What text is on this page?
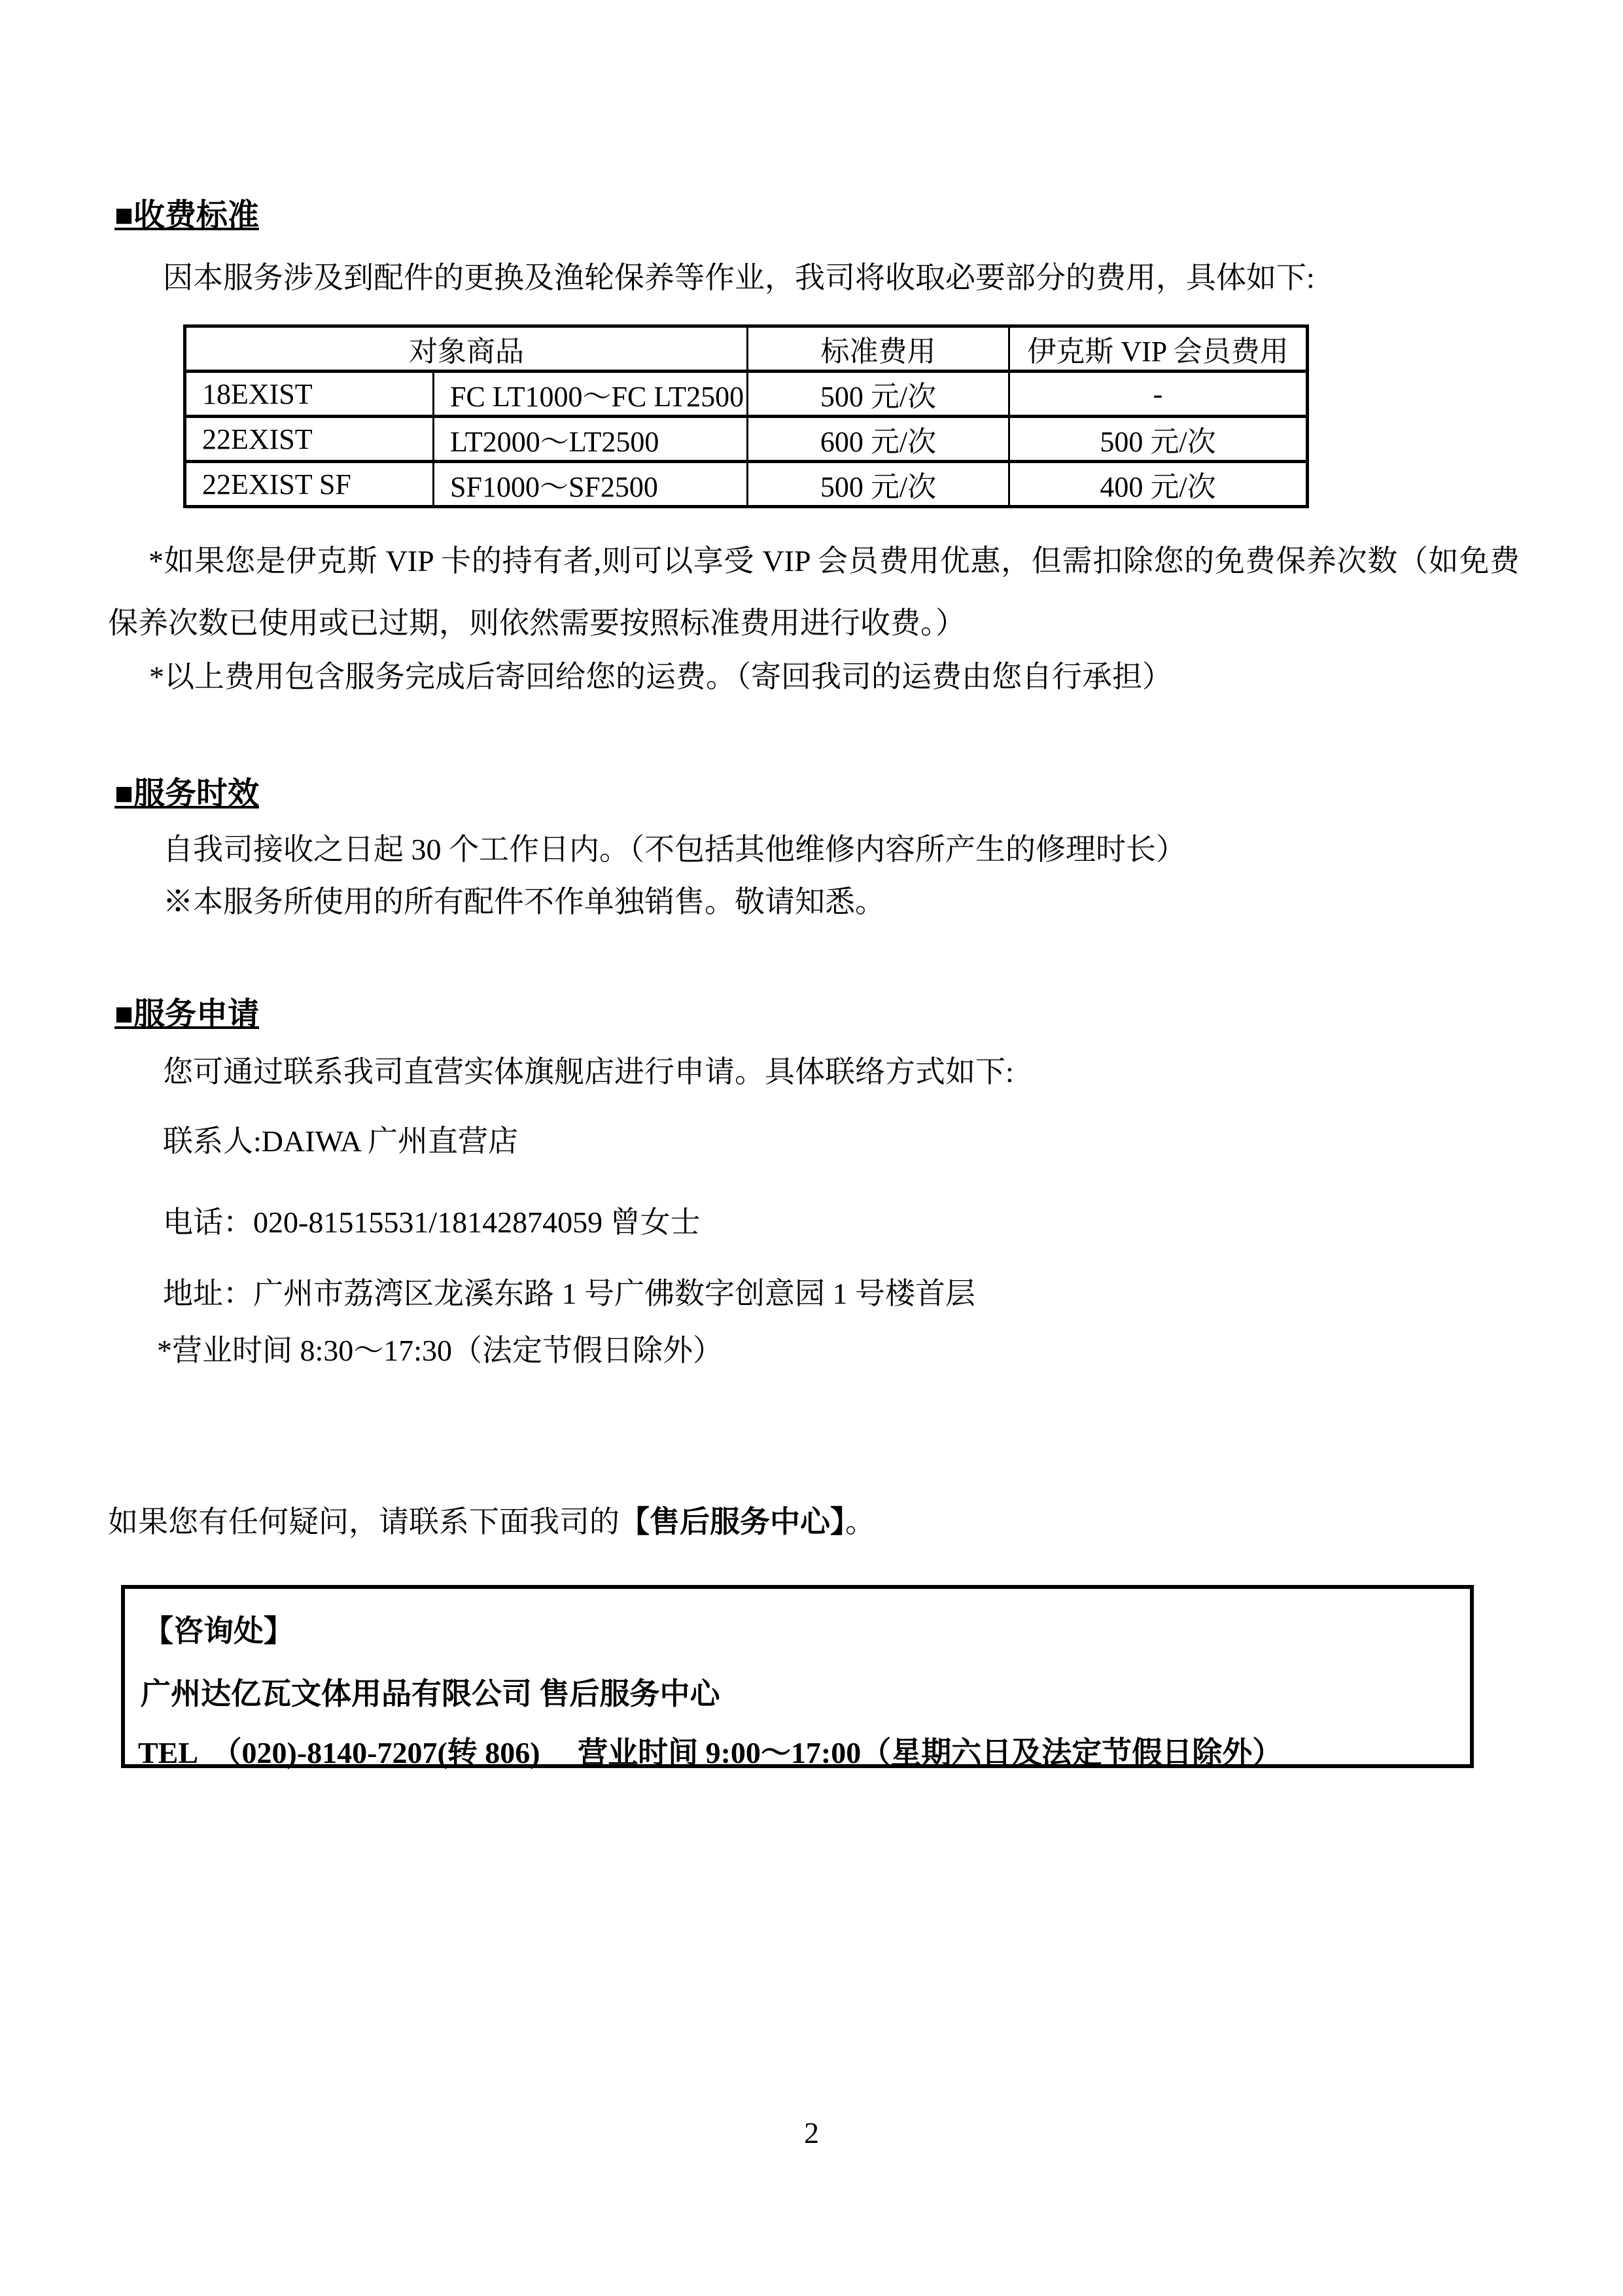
■收费标准
因本服务涉及到配件的更换及渔轮保养等作业，我司将收取必要部分的费用，具体如下:
对象商品		标准费用	伊克斯 VIP 会员费用
18EXIST	FC LT1000～FC LT2500	500 元/次	-
22EXIST	LT2000～LT2500	600 元/次	500 元/次
22EXIST SF	SF1000～SF2500	500 元/次	400 元/次
*如果您是伊克斯 VIP 卡的持有者,则可以享受 VIP 会员费用优惠，但需扣除您的免费保养次数（如免费保养次数已使用或已过期，则依然需要按照标准费用进行收费。）
*以上费用包含服务完成后寄回给您的运费。（寄回我司的运费由您自行承担）
■服务时效
自我司接收之日起 30 个工作日内。（不包括其他维修内容所产生的修理时长）
※本服务所使用的所有配件不作单独销售。敬请知悉。
■服务申请
您可通过联系我司直营实体旗舰店进行申请。具体联络方式如下:
联系人:DAIWA 广州直营店
电话：020-81515531/18142874059 曾女士
地址：广州市荔湾区龙溪东路 1 号广佛数字创意园 1 号楼首层
*营业时间 8:30～17:30（法定节假日除外）
如果您有任何疑问，请联系下面我司的【售后服务中心】。
【咨询处】
广州达亿瓦文体用品有限公司 售后服务中心
TEL　（020)-8140-7207(转 806)　 营业时间 9:00～17:00（星期六日及法定节假日除外）
2
